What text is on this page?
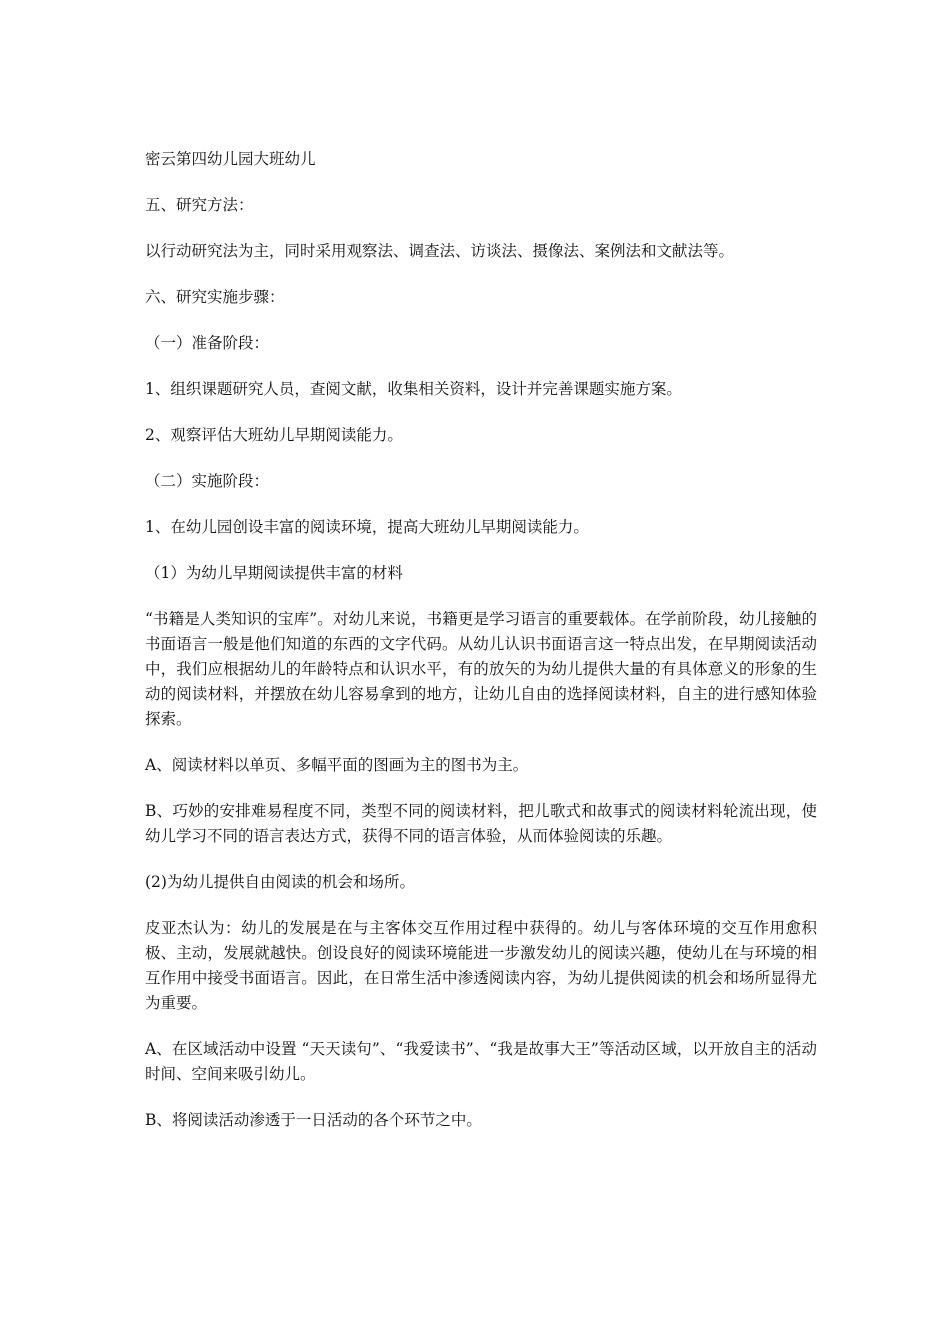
密云第四幼儿园大班幼儿

五、研究方法：

以行动研究法为主，同时采用观察法、调查法、访谈法、摄像法、案例法和文献法等。

六、研究实施步骤：

（一）准备阶段：

1、组织课题研究人员，查阅文献，收集相关资料，设计并完善课题实施方案。

2、观察评估大班幼儿早期阅读能力。

（二）实施阶段：

1、在幼儿园创设丰富的阅读环境，提高大班幼儿早期阅读能力。

（1）为幼儿早期阅读提供丰富的材料

“书籍是人类知识的宝库”。对幼儿来说，书籍更是学习语言的重要载体。在学前阶段，幼儿接触的书面语言一般是他们知道的东西的文字代码。从幼儿认识书面语言这一特点出发，在早期阅读活动中，我们应根据幼儿的年龄特点和认识水平，有的放矢的为幼儿提供大量的有具体意义的形象的生动的阅读材料，并摆放在幼儿容易拿到的地方，让幼儿自由的选择阅读材料，自主的进行感知体验探索。

A、阅读材料以单页、多幅平面的图画为主的图书为主。

B、巧妙的安排难易程度不同，类型不同的阅读材料，把儿歌式和故事式的阅读材料轮流出现，使幼儿学习不同的语言表达方式，获得不同的语言体验，从而体验阅读的乐趣。

(2)为幼儿提供自由阅读的机会和场所。

皮亚杰认为：幼儿的发展是在与主客体交互作用过程中获得的。幼儿与客体环境的交互作用愈积极、主动，发展就越快。创设良好的阅读环境能进一步激发幼儿的阅读兴趣，使幼儿在与环境的相互作用中接受书面语言。因此，在日常生活中渗透阅读内容，为幼儿提供阅读的机会和场所显得尤为重要。

A、在区域活动中设置 “天天读句”、“我爱读书”、“我是故事大王”等活动区域，以开放自主的活动时间、空间来吸引幼儿。

B、将阅读活动渗透于一日活动的各个环节之中。
